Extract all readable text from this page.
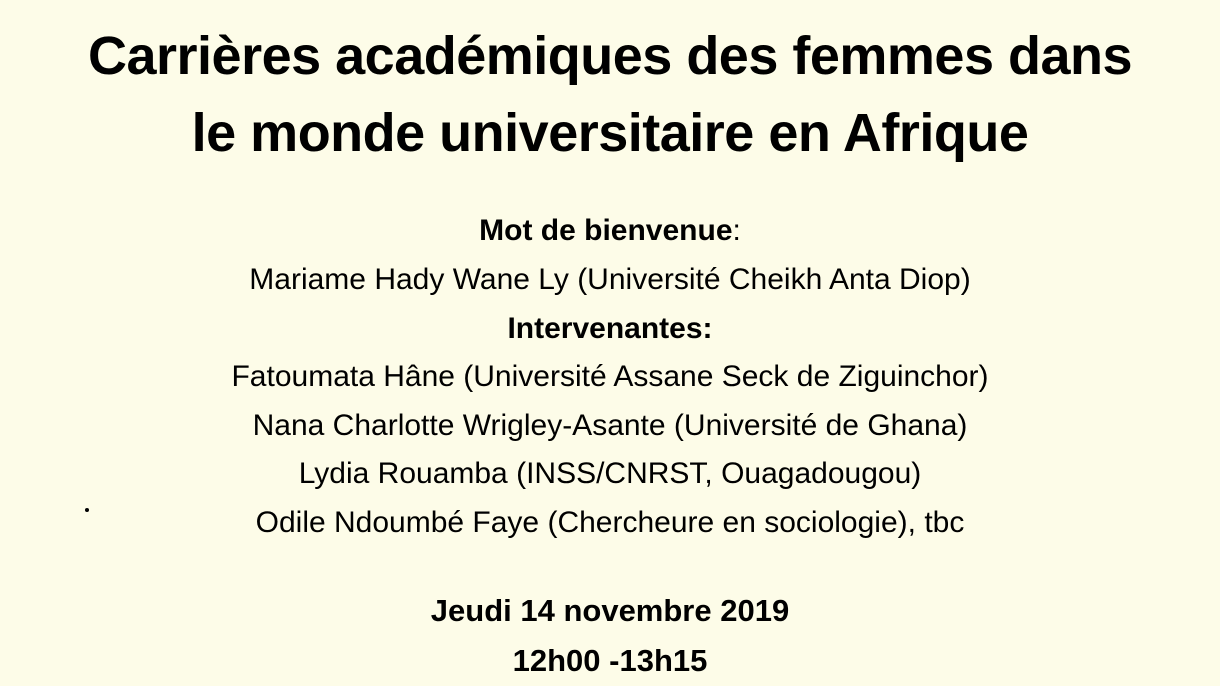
Carrières académiques des femmes dans
le monde universitaire en Afrique
Mot de bienvenue:
Mariame Hady Wane Ly (Université Cheikh Anta Diop)
Intervenantes:
Fatoumata Hâne (Université Assane Seck de Ziguinchor)
Nana Charlotte Wrigley-Asante (Université de Ghana)
Lydia Rouamba (INSS/CNRST, Ouagadougou)
Odile Ndoumbé Faye (Chercheure en sociologie), tbc
Jeudi 14 novembre 2019
12h00 -13h15
